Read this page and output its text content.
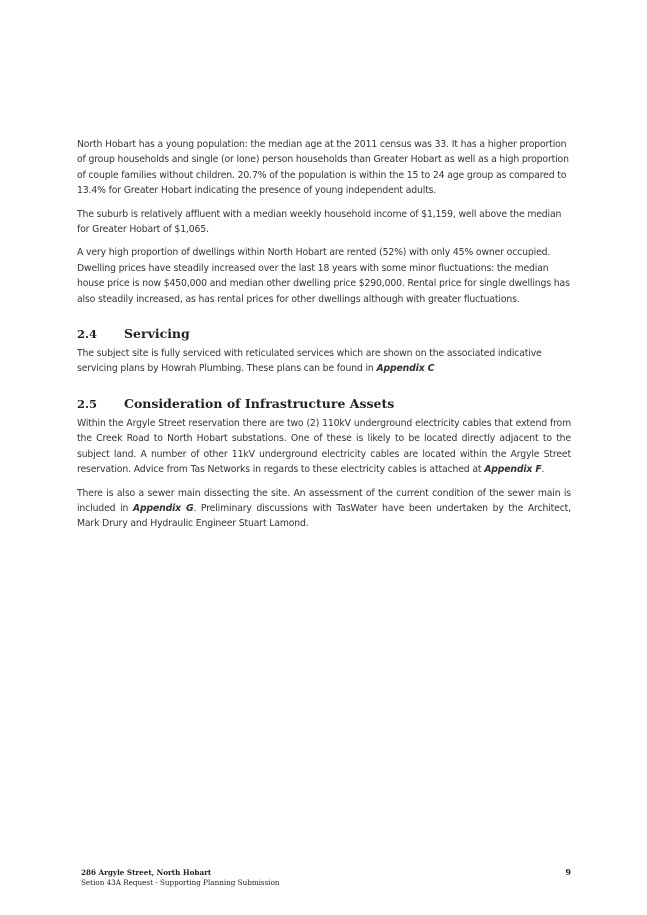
North Hobart has a young population: the median age at the 2011 census was 33. It has a higher proportion of group households and single (or lone) person households than Greater Hobart as well as a high proportion of couple families without children. 20.7% of the population is within the 15 to 24 age group as compared to 13.4% for Greater Hobart indicating the presence of young independent adults.

The suburb is relatively affluent with a median weekly household income of $1,159, well above the median for Greater Hobart of $1,065.

A very high proportion of dwellings within North Hobart are rented (52%) with only 45% owner occupied. Dwelling prices have steadily increased over the last 18 years with some minor fluctuations: the median house price is now $450,000 and median other dwelling price $290,000. Rental price for single dwellings has also steadily increased, as has rental prices for other dwellings although with greater fluctuations.

2.4	Servicing

The subject site is fully serviced with reticulated services which are shown on the associated indicative servicing plans by Howrah Plumbing. These plans can be found in Appendix C

2.5	Consideration of Infrastructure Assets

Within the Argyle Street reservation there are two (2) 110kV underground electricity cables that extend from the Creek Road to North Hobart substations. One of these is likely to be located directly adjacent to the subject land. A number of other 11kV underground electricity cables are located within the Argyle Street reservation. Advice from Tas Networks in regards to these electricity cables is attached at Appendix F.

There is also a sewer main dissecting the site. An assessment of the current condition of the sewer main is included in Appendix G. Preliminary discussions with TasWater have been undertaken by the Architect, Mark Drury and Hydraulic Engineer Stuart Lamond.

286 Argyle Street, North Hobart
Setion 43A Request - Supporting Planning Submission
9
